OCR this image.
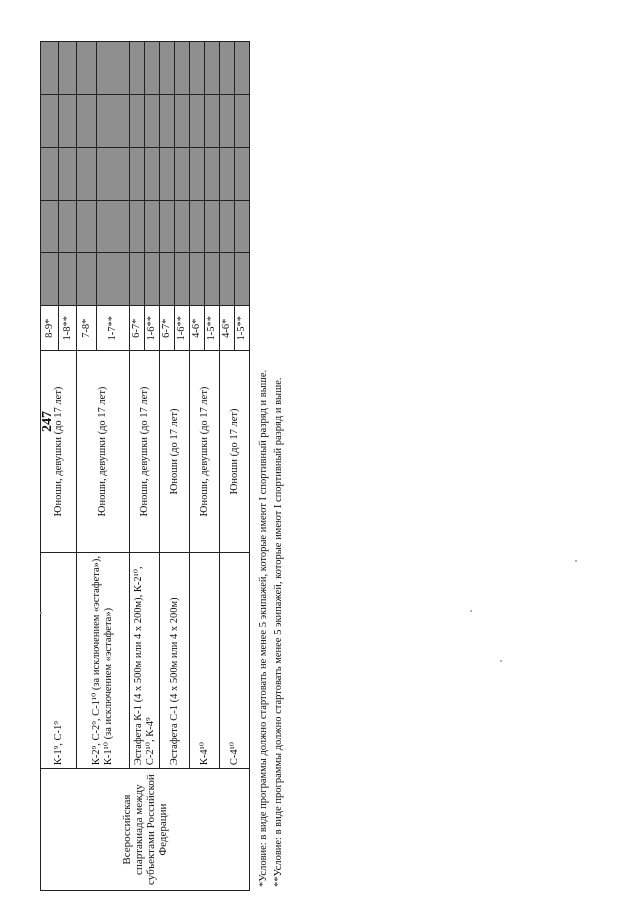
247
Всероссийская спартакиада между субъектами Российской Федерации	К-1⁹, С-1⁹	Юноши, девушки (до 17 лет)	8-9*					
			1-8**					
	К-2⁹, С-2⁹, С-1¹⁰ (за исключением «эстафета»), К-1¹⁰ (за исключением «эстафета»)	Юноши, девушки (до 17 лет)	7-8*					
			1-7**					
	Эстафета К-1 (4 х 500м или 4 х 200м), К-2¹⁰, С-2¹⁰, К-4⁹	Юноши, девушки (до 17 лет)	6-7*					
			1-6**					
	Эстафета С-1 (4 х 500м или 4 х 200м)	Юноши (до 17 лет)	6-7*					
			1-6**					
	К-4¹⁰	Юноши, девушки (до 17 лет)	4-6*					
			1-5**					
	С-4¹⁰	Юноши (до 17 лет)	4-6*					
			1-5**					
*Условие: в виде программы должно стартовать не менее 5 экипажей, которые имеют I спортивный разряд и выше. **Условие: в виде программы должно стартовать менее 5 экипажей, которые имеют I спортивный разряд и выше.
